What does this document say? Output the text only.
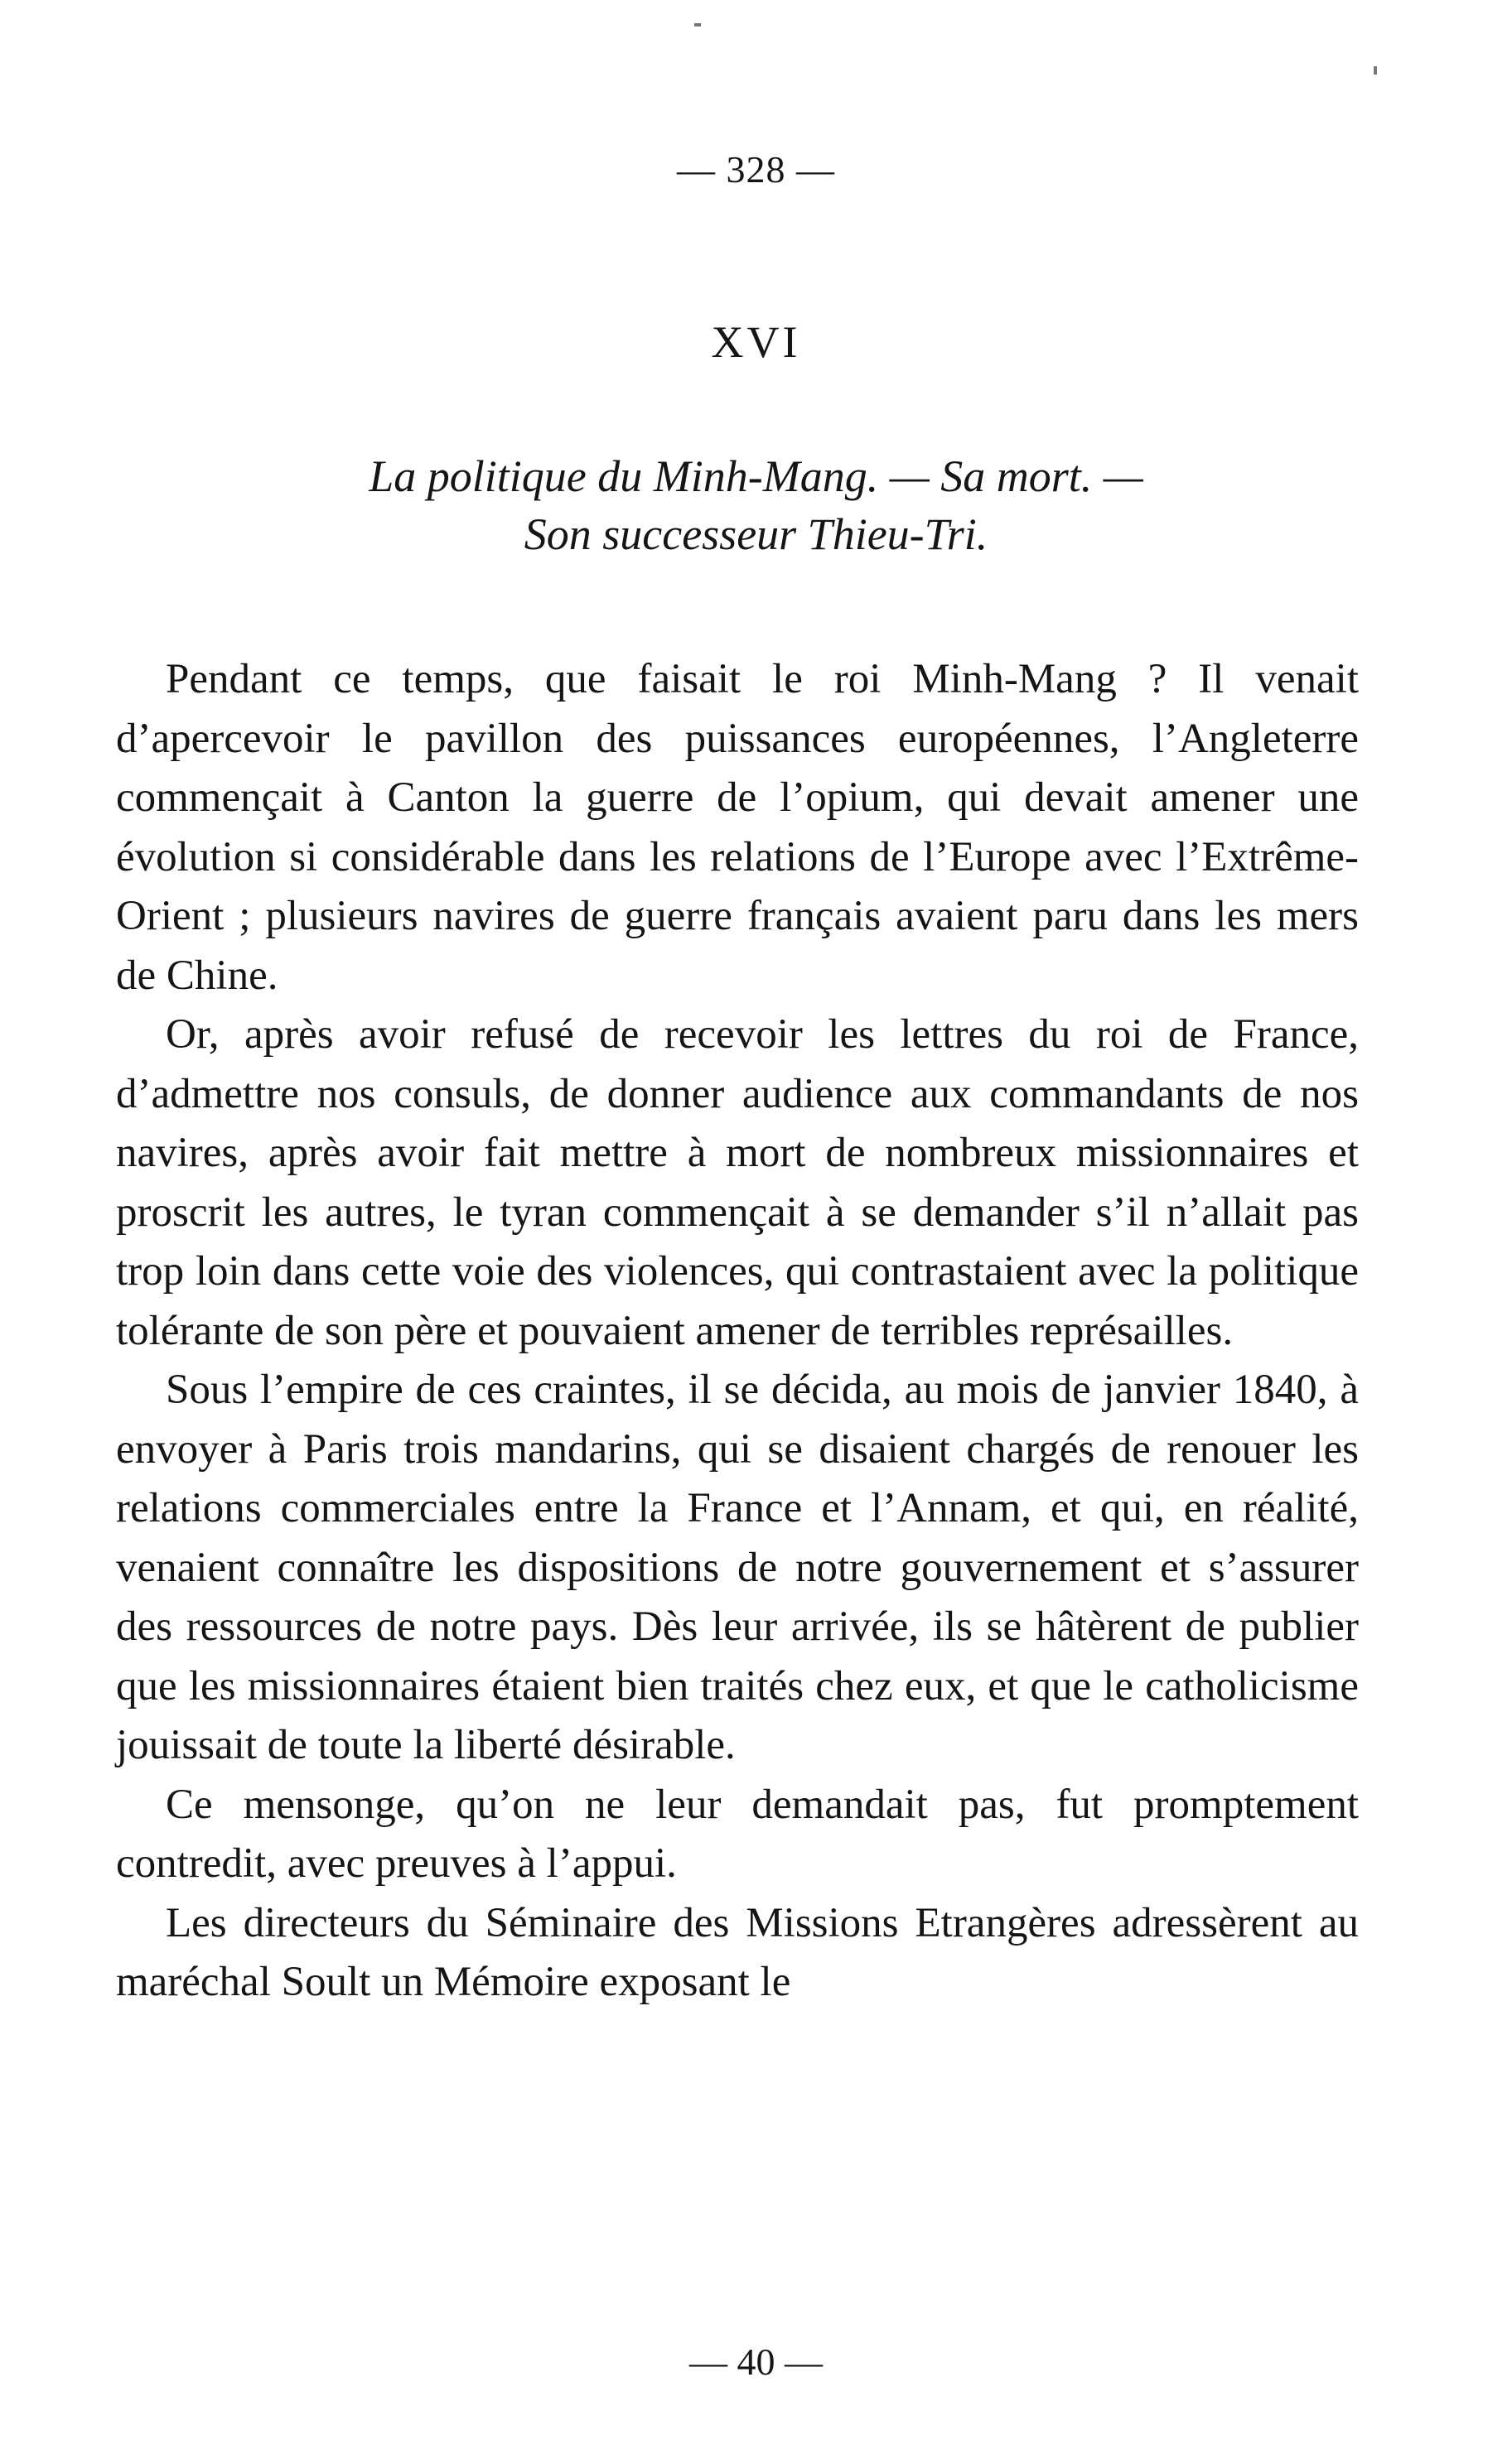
— 328 —
XVI
La politique du Minh-Mang. — Sa mort. —
Son successeur Thieu-Tri.

Pendant ce temps, que faisait le roi Minh-Mang ? Il venait d’apercevoir le pavillon des puissances européennes, l’Angleterre commençait à Canton la guerre de l’opium, qui devait amener une évolution si considérable dans les relations de l’Europe avec l’Extrême-Orient ; plusieurs navires de guerre français avaient paru dans les mers de Chine.

Or, après avoir refusé de recevoir les lettres du roi de France, d’admettre nos consuls, de donner audience aux commandants de nos navires, après avoir fait mettre à mort de nombreux missionnaires et proscrit les autres, le tyran commençait à se demander s’il n’allait pas trop loin dans cette voie des violences, qui contrastaient avec la politique tolérante de son père et pouvaient amener de terribles représailles.

Sous l’empire de ces craintes, il se décida, au mois de janvier 1840, à envoyer à Paris trois mandarins, qui se disaient chargés de renouer les relations commerciales entre la France et l’Annam, et qui, en réalité, venaient connaître les dispositions de notre gouvernement et s’assurer des ressources de notre pays. Dès leur arrivée, ils se hâtèrent de publier que les missionnaires étaient bien traités chez eux, et que le catholicisme jouissait de toute la liberté désirable.

Ce mensonge, qu’on ne leur demandait pas, fut promptement contredit, avec preuves à l’appui.

Les directeurs du Séminaire des Missions Etrangères adressèrent au maréchal Soult un Mémoire exposant le

— 40 —
